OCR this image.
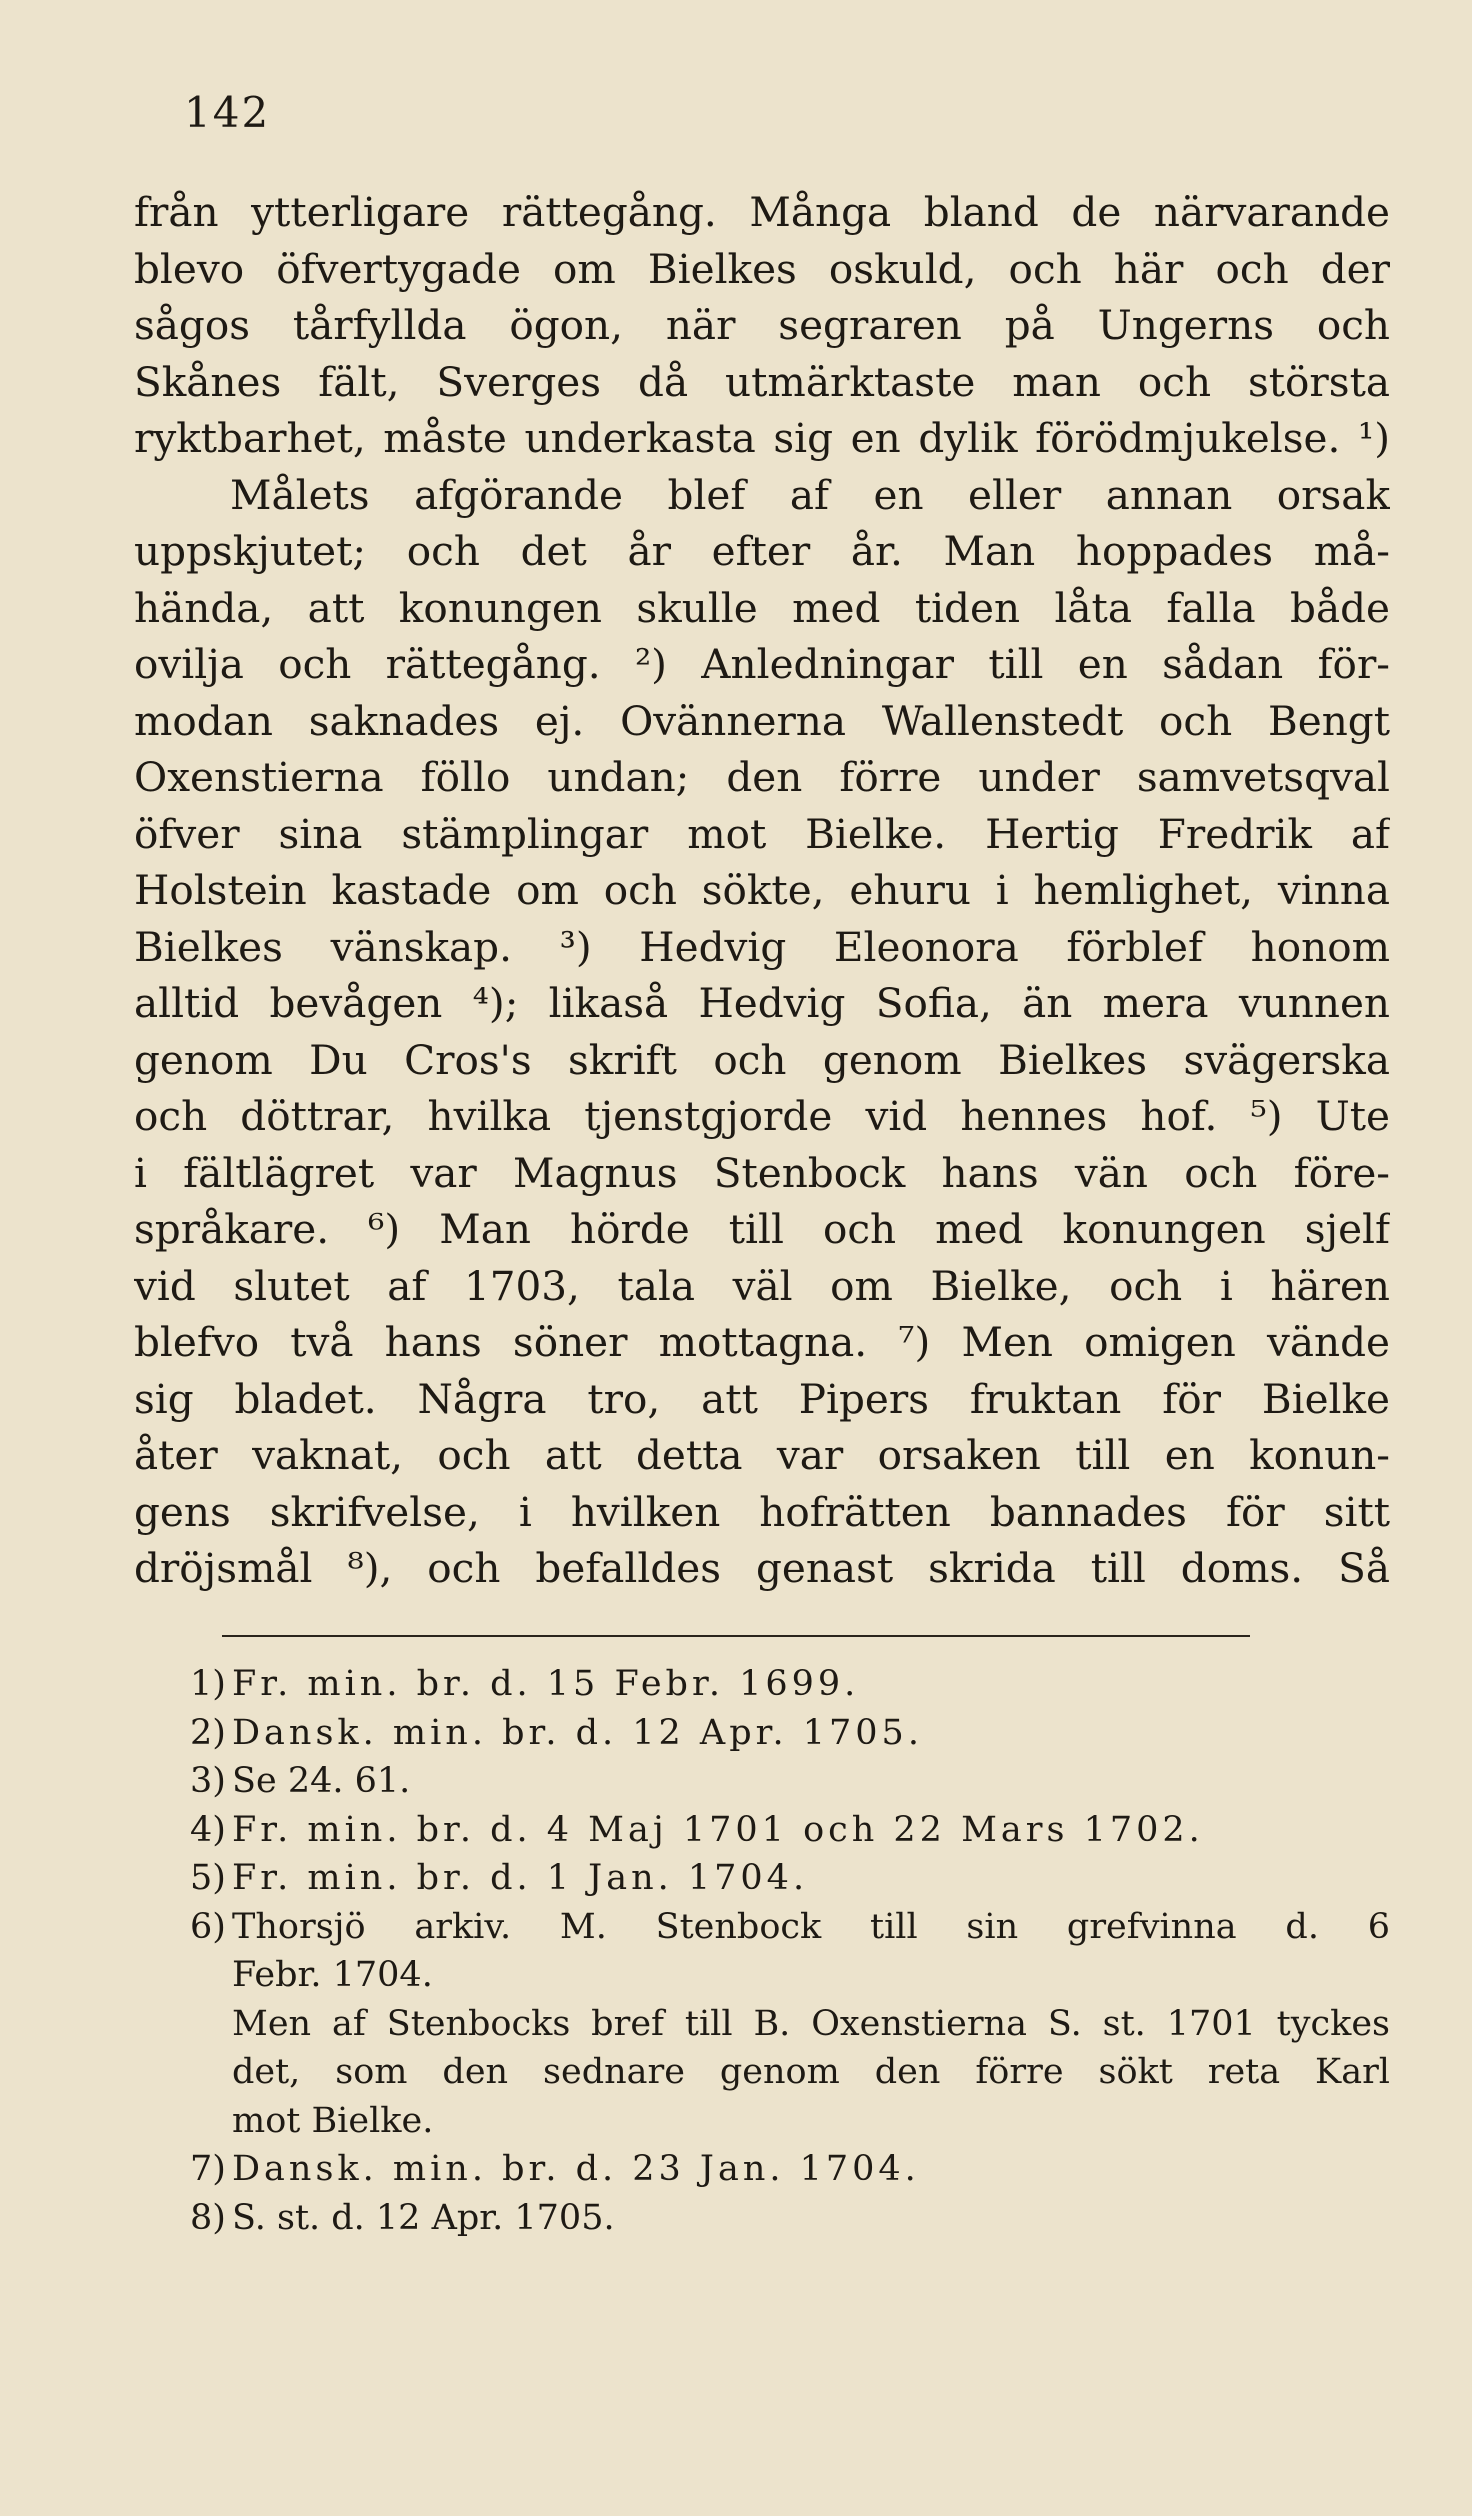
142
från ytterligare rättegång. Många bland de närvarande
blevo öfvertygade om Bielkes oskuld, och här och der
sågos tårfyllda ögon, när segraren på Ungerns och
Skånes fält, Sverges då utmärktaste man och största
ryktbarhet, måste underkasta sig en dylik förödmjukelse. ¹)
Målets afgörande blef af en eller annan orsak
uppskjutet; och det år efter år. Man hoppades må-
hända, att konungen skulle med tiden låta falla både
ovilja och rättegång. ²) Anledningar till en sådan för-
modan saknades ej. Ovännerna Wallenstedt och Bengt
Oxenstierna föllo undan; den förre under samvetsqval
öfver sina stämplingar mot Bielke. Hertig Fredrik af
Holstein kastade om och sökte, ehuru i hemlighet, vinna
Bielkes vänskap. ³) Hedvig Eleonora förblef honom
alltid bevågen ⁴); likaså Hedvig Sofia, än mera vunnen
genom Du Cros's skrift och genom Bielkes svägerska
och döttrar, hvilka tjenstgjorde vid hennes hof. ⁵) Ute
i fältlägret var Magnus Stenbock hans vän och före-
språkare. ⁶) Man hörde till och med konungen sjelf
vid slutet af 1703, tala väl om Bielke, och i hären
blefvo två hans söner mottagna. ⁷) Men omigen vände
sig bladet. Några tro, att Pipers fruktan för Bielke
åter vaknat, och att detta var orsaken till en konun-
gens skrifvelse, i hvilken hofrätten bannades för sitt
dröjsmål ⁸), och befalldes genast skrida till doms. Så
1) Fr. min. br. d. 15 Febr. 1699.
2) Dansk. min. br. d. 12 Apr. 1705.
3) Se 24. 61.
4) Fr. min. br. d. 4 Maj 1701 och 22 Mars 1702.
5) Fr. min. br. d. 1 Jan. 1704.
6) Thorsjö arkiv. M. Stenbock till sin grefvinna d. 6
Febr. 1704.
Men af Stenbocks bref till B. Oxenstierna S. st. 1701 tyckes
det, som den sednare genom den förre sökt reta Karl
mot Bielke.
7) Dansk. min. br. d. 23 Jan. 1704.
8) S. st. d. 12 Apr. 1705.
